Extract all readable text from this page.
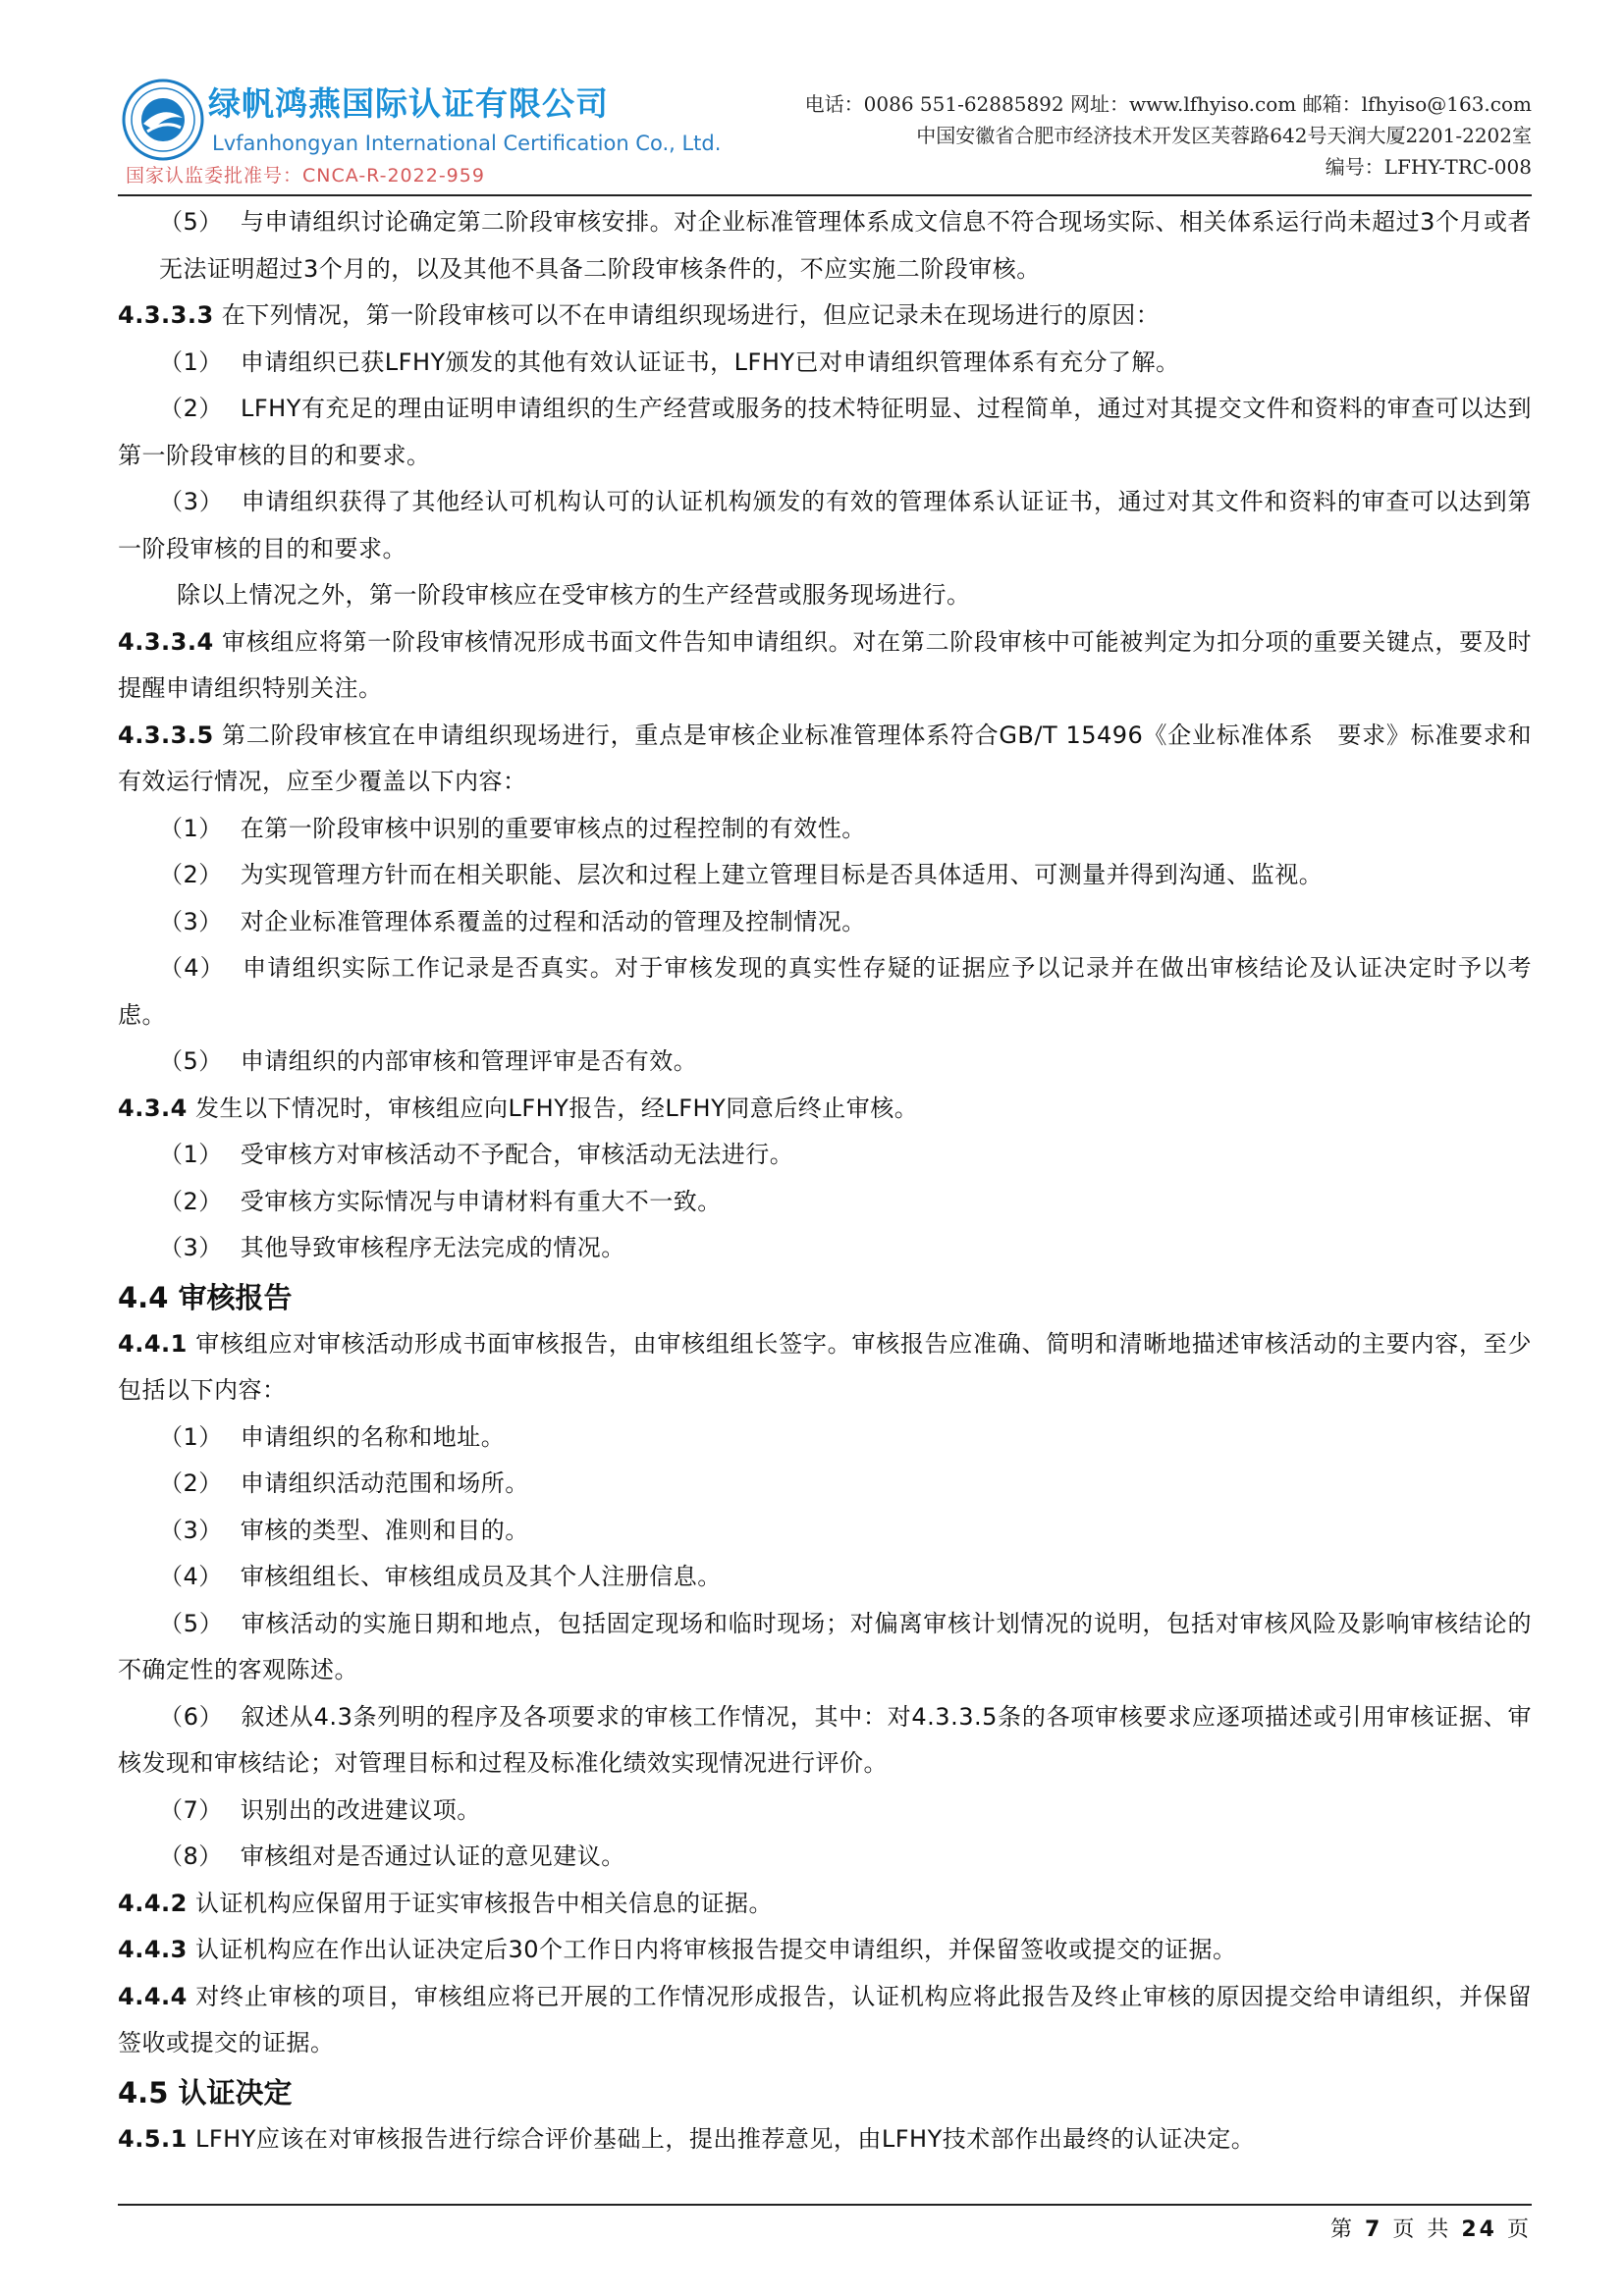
绿帆鸿燕国际认证有限公司
Lvfanhongyan International Certification Co., Ltd.
国家认监委批准号：CNCA-R-2022-959
电话：0086 551-62885892 网址：www.lfhyiso.com 邮箱：lfhyiso@163.com
中国安徽省合肥市经济技术开发区芙蓉路642号天润大厦2201-2202室
编号：LFHY-TRC-008

（5） 与申请组织讨论确定第二阶段审核安排。对企业标准管理体系成文信息不符合现场实际、相关体系运行尚未超过3个月或者无法证明超过3个月的，以及其他不具备二阶段审核条件的，不应实施二阶段审核。

4.3.3.3 在下列情况，第一阶段审核可以不在申请组织现场进行，但应记录未在现场进行的原因：

（1） 申请组织已获LFHY颁发的其他有效认证证书，LFHY已对申请组织管理体系有充分了解。

（2） LFHY有充足的理由证明申请组织的生产经营或服务的技术特征明显、过程简单，通过对其提交文件和资料的审查可以达到第一阶段审核的目的和要求。

（3） 申请组织获得了其他经认可机构认可的认证机构颁发的有效的管理体系认证证书，通过对其文件和资料的审查可以达到第一阶段审核的目的和要求。

除以上情况之外，第一阶段审核应在受审核方的生产经营或服务现场进行。

4.3.3.4 审核组应将第一阶段审核情况形成书面文件告知申请组织。对在第二阶段审核中可能被判定为扣分项的重要关键点，要及时提醒申请组织特别关注。

4.3.3.5 第二阶段审核宜在申请组织现场进行，重点是审核企业标准管理体系符合GB/T 15496《企业标准体系　要求》标准要求和有效运行情况，应至少覆盖以下内容：

（1） 在第一阶段审核中识别的重要审核点的过程控制的有效性。

（2） 为实现管理方针而在相关职能、层次和过程上建立管理目标是否具体适用、可测量并得到沟通、监视。

（3） 对企业标准管理体系覆盖的过程和活动的管理及控制情况。

（4） 申请组织实际工作记录是否真实。对于审核发现的真实性存疑的证据应予以记录并在做出审核结论及认证决定时予以考虑。

（5） 申请组织的内部审核和管理评审是否有效。

4.3.4 发生以下情况时，审核组应向LFHY报告，经LFHY同意后终止审核。

（1） 受审核方对审核活动不予配合，审核活动无法进行。

（2） 受审核方实际情况与申请材料有重大不一致。

（3） 其他导致审核程序无法完成的情况。

4.4 审核报告

4.4.1 审核组应对审核活动形成书面审核报告，由审核组组长签字。审核报告应准确、简明和清晰地描述审核活动的主要内容，至少包括以下内容：

（1） 申请组织的名称和地址。

（2） 申请组织活动范围和场所。

（3） 审核的类型、准则和目的。

（4） 审核组组长、审核组成员及其个人注册信息。

（5） 审核活动的实施日期和地点，包括固定现场和临时现场；对偏离审核计划情况的说明，包括对审核风险及影响审核结论的不确定性的客观陈述。

（6） 叙述从4.3条列明的程序及各项要求的审核工作情况，其中：对4.3.3.5条的各项审核要求应逐项描述或引用审核证据、审核发现和审核结论；对管理目标和过程及标准化绩效实现情况进行评价。

（7） 识别出的改进建议项。

（8） 审核组对是否通过认证的意见建议。

4.4.2 认证机构应保留用于证实审核报告中相关信息的证据。

4.4.3 认证机构应在作出认证决定后30个工作日内将审核报告提交申请组织，并保留签收或提交的证据。

4.4.4 对终止审核的项目，审核组应将已开展的工作情况形成报告，认证机构应将此报告及终止审核的原因提交给申请组织，并保留签收或提交的证据。

4.5 认证决定

4.5.1 LFHY应该在对审核报告进行综合评价基础上，提出推荐意见，由LFHY技术部作出最终的认证决定。

第 7 页 共 24 页
